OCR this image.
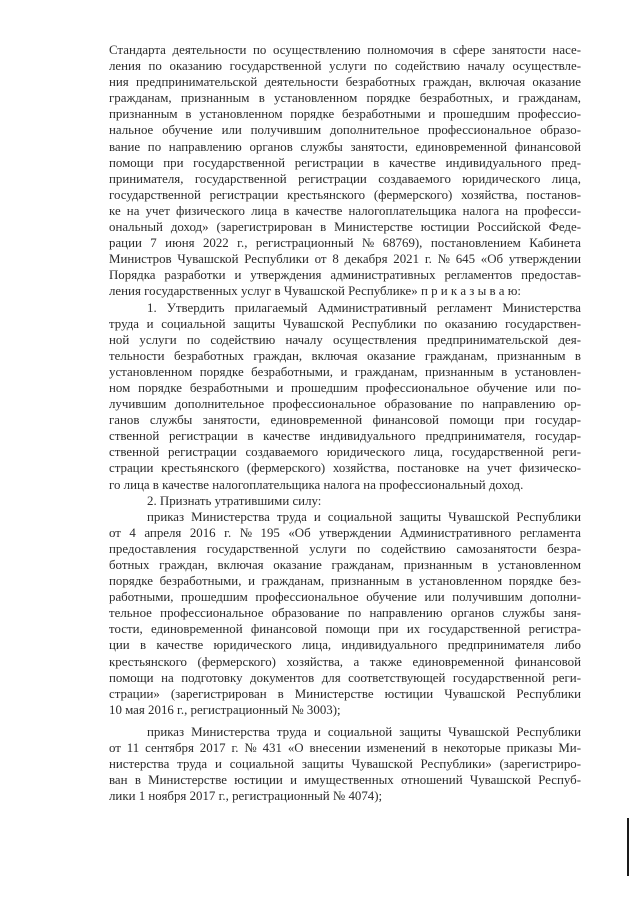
Стандарта деятельности по осуществлению полномочия в сфере занятости насе-
ления по оказанию государственной услуги по содействию началу осуществле-
ния предпринимательской деятельности безработных граждан, включая оказание
гражданам, признанным в установленном порядке безработных, и гражданам,
признанным в установленном порядке безработными и прошедшим профессио-
нальное обучение или получившим дополнительное профессиональное образо-
вание по направлению органов службы занятости, единовременной финансовой
помощи при государственной регистрации в качестве индивидуального пред-
принимателя, государственной регистрации создаваемого юридического лица,
государственной регистрации крестьянского (фермерского) хозяйства, постанов-
ке на учет физического лица в качестве налогоплательщика налога на професси-
ональный доход» (зарегистрирован в Министерстве юстиции Российской Феде-
рации 7 июня 2022 г., регистрационный № 68769), постановлением Кабинета
Министров Чувашской Республики от 8 декабря 2021 г. № 645 «Об утверждении
Порядка разработки и утверждения административных регламентов предостав-
ления государственных услуг в Чувашской Республике» п р и к а з ы в а ю:
1. Утвердить прилагаемый Административный регламент Министерства
труда и социальной защиты Чувашской Республики по оказанию государствен-
ной услуги по содействию началу осуществления предпринимательской дея-
тельности безработных граждан, включая оказание гражданам, признанным в
установленном порядке безработными, и гражданам, признанным в установлен-
ном порядке безработными и прошедшим профессиональное обучение или по-
лучившим дополнительное профессиональное образование по направлению ор-
ганов службы занятости, единовременной финансовой помощи при государ-
ственной регистрации в качестве индивидуального предпринимателя, государ-
ственной регистрации создаваемого юридического лица, государственной реги-
страции крестьянского (фермерского) хозяйства, постановке на учет физическо-
го лица в качестве налогоплательщика налога на профессиональный доход.
2. Признать утратившими силу:
приказ Министерства труда и социальной защиты Чувашской Республики
от 4 апреля 2016 г. № 195 «Об утверждении Административного регламента
предоставления государственной услуги по содействию самозанятости безра-
ботных граждан, включая оказание гражданам, признанным в установленном
порядке безработными, и гражданам, признанным в установленном порядке без-
работными, прошедшим профессиональное обучение или получившим дополни-
тельное профессиональное образование по направлению органов службы заня-
тости, единовременной финансовой помощи при их государственной регистра-
ции в качестве юридического лица, индивидуального предпринимателя либо
крестьянского (фермерского) хозяйства, а также единовременной финансовой
помощи на подготовку документов для соответствующей государственной реги-
страции» (зарегистрирован в Министерстве юстиции Чувашской Республики
10 мая 2016 г., регистрационный № 3003);
приказ Министерства труда и социальной защиты Чувашской Республики
от 11 сентября 2017 г. № 431 «О внесении изменений в некоторые приказы Ми-
нистерства труда и социальной защиты Чувашской Республики» (зарегистриро-
ван в Министерстве юстиции и имущественных отношений Чувашской Респуб-
лики 1 ноября 2017 г., регистрационный № 4074);
